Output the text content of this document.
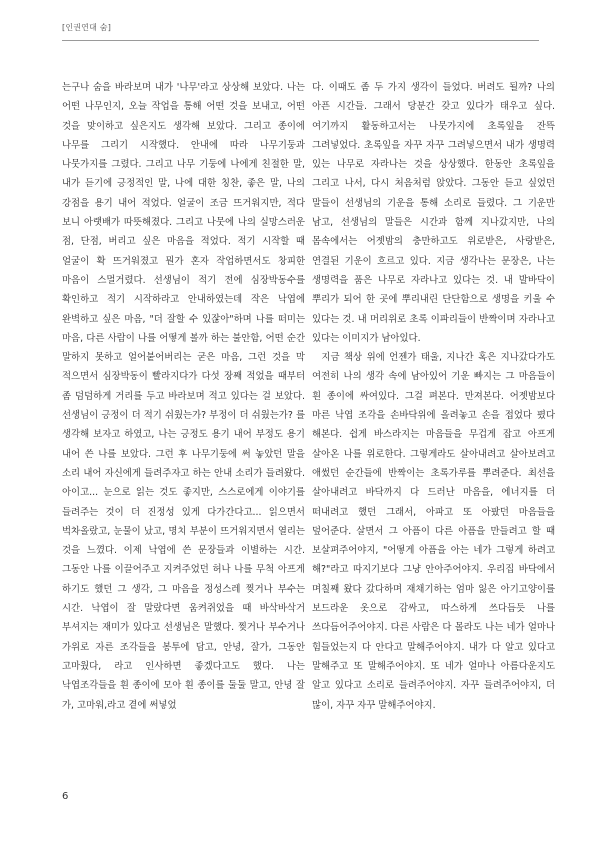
[인권연대 숨]

는구나 숨을 바라보며 내가 '나무'라고 상상해 보았다. 나는 어떤 나무인지, 오늘 작업을 통해 어떤 것을 보내고, 어떤 것을 맞이하고 싶은지도 생각해 보았다. 그리고 종이에 나무를 그리기 시작했다. 안내에 따라 나무기둥과 나뭇가지를 그렸다. 그리고 나무 기둥에 나에게 친절한 말, 내가 듣기에 긍정적인 말, 나에 대한 칭찬, 좋은 말, 나의 강점을 용기 내어 적었다. 얼굴이 조금 뜨거워지만, 적다 보니 아랫배가 따뜻해졌다. 그리고 나뭇에 나의 실망스러운 점, 단점, 버리고 싶은 마음을 적었다. 적기 시작할 때 얼굴이 확 뜨거워졌고 뭔가 혼자 작업하면서도 창피한 마음이 스멀거렸다. 선생님이 적기 전에 심장박동수를 확인하고 적기 시작하라고 안내하였는데 작은 낙엽에 완벽하고 싶은 마음, "더 잘할 수 있잖아"하며 나를 떠미는 마음, 다른 사람이 나를 어떻게 볼까 하는 불안함, 어떤 순간 말하지 못하고 얼어붙어버리는 굳은 마음, 그런 것을 막 적으면서 심장박동이 빨라지다가 다섯 장째 적었을 때부터 좀 덤덤하게 거리를 두고 바라보며 적고 있다는 걸 보았다. 선생님이 긍정이 더 적기 쉬웠는가? 부정이 더 쉬웠는가? 를 생각해 보자고 하였고, 나는 긍정도 용기 내어 부정도 용기 내어 쓴 나를 보았다. 그런 후 나무기둥에 써 놓았던 말을 소리 내어 자신에게 들려주자고 하는 안내 소리가 들려왔다. 아이고... 눈으로 읽는 것도 좋지만, 스스로에게 이야기를 들려주는 것이 더 진정성 있게 다가간다고... 읽으면서 벅차올랐고, 눈물이 났고, 명치 부분이 뜨거워지면서 열리는 것을 느꼈다. 이제 낙엽에 쓴 문장들과 이별하는 시간. 그동안 나를 이끌어주고 지켜주었던 허나 나를 무척 아프게 하기도 했던 그 생각, 그 마음을 정성스레 찢거나 부수는 시간. 낙엽이 잘 말랐다면 움켜쥐었을 때 바삭바삭거 부셔지는 재미가 있다고 선생님은 말했다. 찢거나 부수거나 가위로 자른 조각들을 봉투에 담고, 안녕, 잘가, 그동안 고마웠다, 라고 인사하면 좋겠다고도 했다. 나는 낙엽조각들을 흰 종이에 모아 흰 종이를 둘둘 말고, 안녕 잘 가, 고마워,라고 곁에 써넣었

다. 이때도 좀 두 가지 생각이 들었다. 버려도 될까? 나의 아픈 시간들. 그래서 당분간 갖고 있다가 태우고 싶다. 여기까지 활동하고서는 나뭇가지에 초록잎을 잔뜩 그려넣었다. 초록잎을 자꾸 자꾸 그려넣으면서 내가 생명력 있는 나무로 자라나는 것을 상상했다. 한동안 초록잎을 그리고 나서, 다시 처음처럼 앉았다. 그동안 듣고 싶었던 말들이 선생님의 기운을 통해 소리로 들렸다. 그 기운만 남고, 선생님의 말들은 시간과 함께 지나갔지만, 나의 몸속에서는 어젯밤의 충만하고도 위로받은, 사랑받은, 연결된 기운이 흐르고 있다. 지금 생각나는 문장은, 나는 생명력을 품은 나무로 자라나고 있다는 것. 내 발바닥이 뿌리가 되어 한 곳에 뿌리내린 단단함으로 생명을 키울 수 있다는 것. 내 머리위로 초록 이파리들이 반짝이며 자라나고 있다는 이미지가 남아있다.

지금 책상 위에 언젠가 태울, 지나간 혹은 지나갔다가도 여전히 나의 생각 속에 남아있어 기운 빠지는 그 마음들이 흰 종이에 싸여있다. 그걸 펴본다. 만져본다. 어젯밤보다 마른 낙엽 조각을 손바닥위에 올려놓고 손을 접었다 폈다 해본다. 쉽게 바스라지는 마음들을 무겁게 잡고 아프게 살아온 나를 위로한다. 그렇게라도 살아내려고 살아보려고 애썼던 순간들에 반짝이는 초록가루를 뿌려준다. 최선을 살아내려고 바닥까지 다 드러난 마음을, 에너지를 더 떠내려고 했던 그래서, 아파고 또 아팠던 마음들을 덮어준다. 살면서 그 아픔이 다른 아픔을 만들려고 할 때 보살펴주어야지, "어떻게 아픔을 아는 네가 그렇게 하려고 해?"라고 따지기보다 그냥 안아주어야지. 우리집 바닥에서 며칠째 왔다 갔다하며 재채기하는 엄마 잃은 아기고양이를 보드라운 옷으로 감싸고, 따스하게 쓰다듬듯 나를 쓰다듬어주어야지. 다른 사람은 다 몰라도 나는 네가 얼마나 힘들었는지 다 안다고 말해주어야지. 내가 다 알고 있다고 말해주고 또 말해주어야지. 또 네가 얼마나 아름다운지도 알고 있다고 소리로 들려주어야지. 자꾸 들려주어야지, 더 많이, 자꾸 자꾸 말해주어야지.

6
